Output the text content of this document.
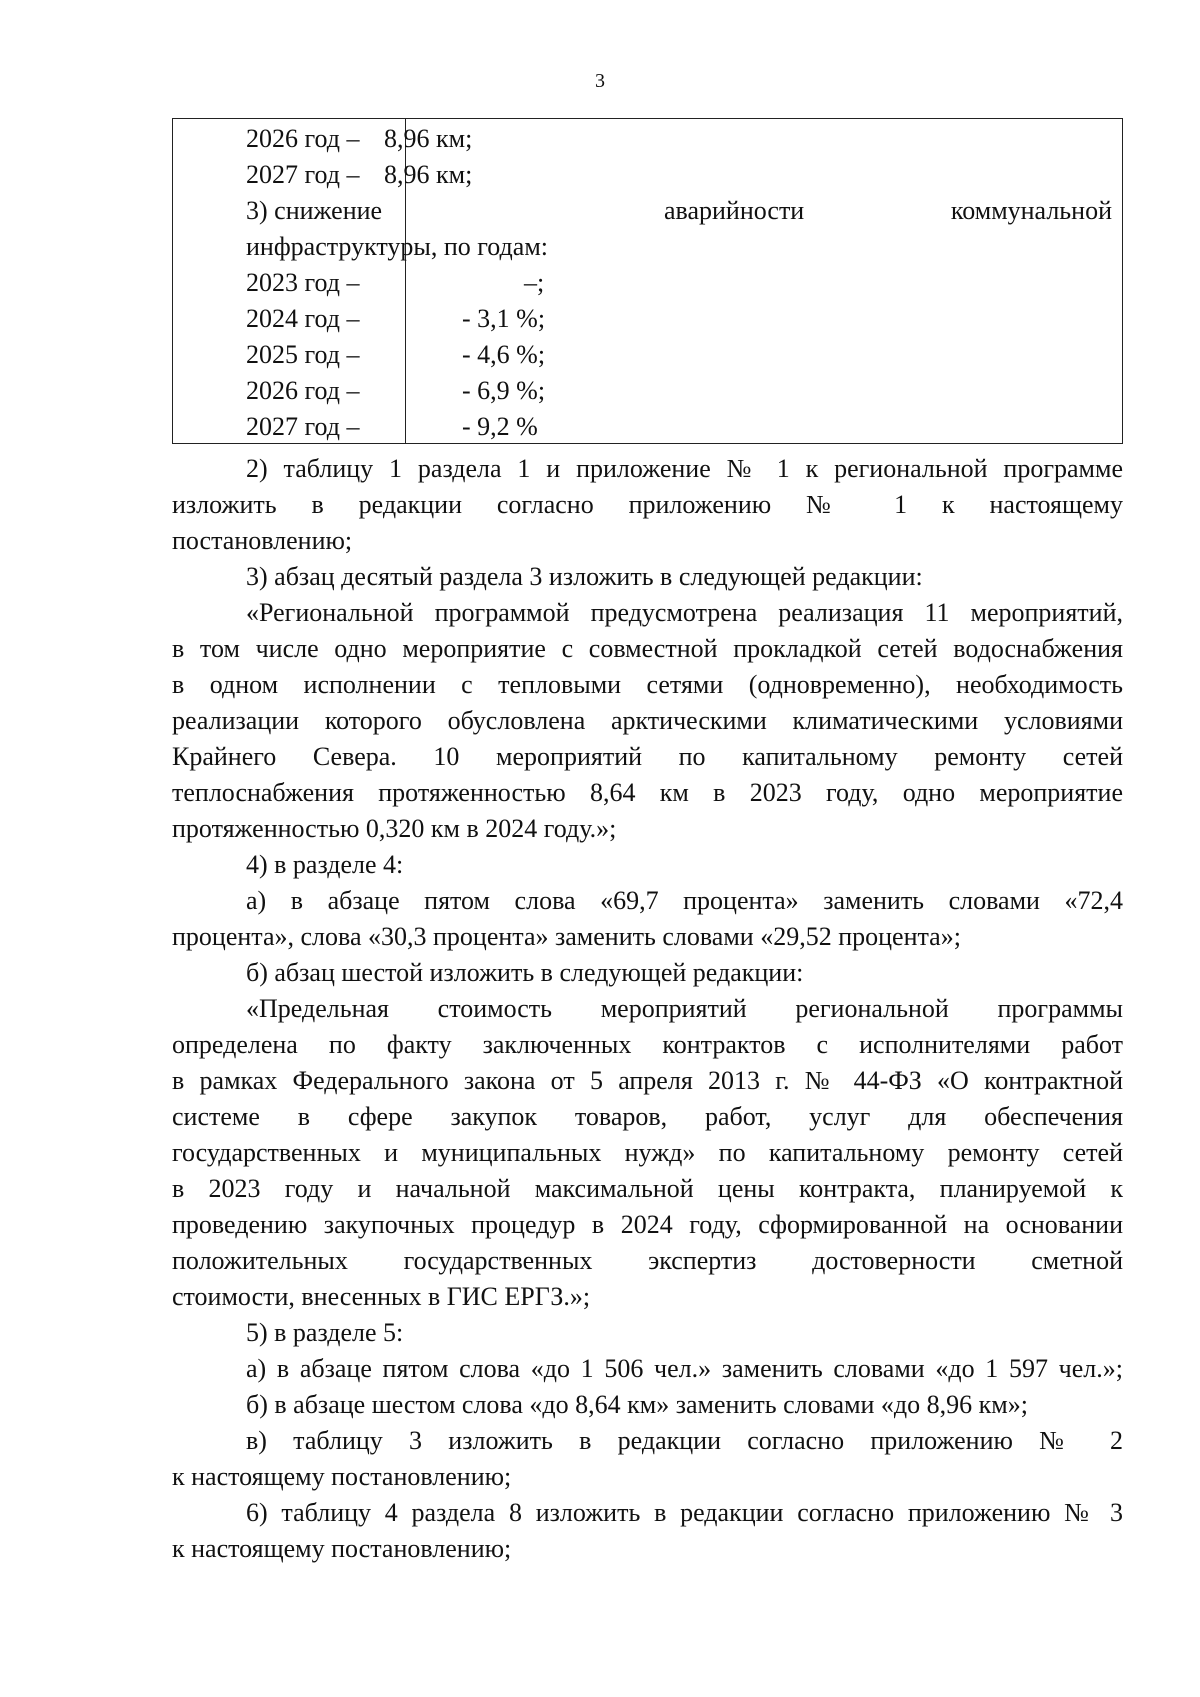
3
2026 год – 8,96 км;
2027 год – 8,96 км;
3) снижение	аварийности	коммунальной
инфраструктуры, по годам:
2023 год –	–;
2024 год –	- 3,1 %;
2025 год –	- 4,6 %;
2026 год –	- 6,9 %;
2027 год –	- 9,2 %
2) таблицу 1 раздела 1 и приложение № 1 к региональной программе
изложить в редакции согласно приложению № 1 к настоящему
постановлению;
3) абзац десятый раздела 3 изложить в следующей редакции:
«Региональной программой предусмотрена реализация 11 мероприятий,
в том числе одно мероприятие с совместной прокладкой сетей водоснабжения
в одном исполнении с тепловыми сетями (одновременно), необходимость
реализации которого обусловлена арктическими климатическими условиями
Крайнего Севера. 10 мероприятий по капитальному ремонту сетей
теплоснабжения протяженностью 8,64 км в 2023 году, одно мероприятие
протяженностью 0,320 км в 2024 году.»;
4) в разделе 4:
а) в абзаце пятом слова «69,7 процента» заменить словами «72,4
процента», слова «30,3 процента» заменить словами «29,52 процента»;
б) абзац шестой изложить в следующей редакции:
«Предельная стоимость мероприятий региональной программы
определена по факту заключенных контрактов с исполнителями работ
в рамках Федерального закона от 5 апреля 2013 г. № 44-ФЗ «О контрактной
системе в сфере закупок товаров, работ, услуг для обеспечения
государственных и муниципальных нужд» по капитальному ремонту сетей
в 2023 году и начальной максимальной цены контракта, планируемой к
проведению закупочных процедур в 2024 году, сформированной на основании
положительных государственных экспертиз достоверности сметной
стоимости, внесенных в ГИС ЕРГЗ.»;
5) в разделе 5:
а) в абзаце пятом слова «до 1 506 чел.» заменить словами «до 1 597 чел.»;
б) в абзаце шестом слова «до 8,64 км» заменить словами «до 8,96 км»;
в) таблицу 3 изложить в редакции согласно приложению № 2
к настоящему постановлению;
6) таблицу 4 раздела 8 изложить в редакции согласно приложению № 3
к настоящему постановлению;
